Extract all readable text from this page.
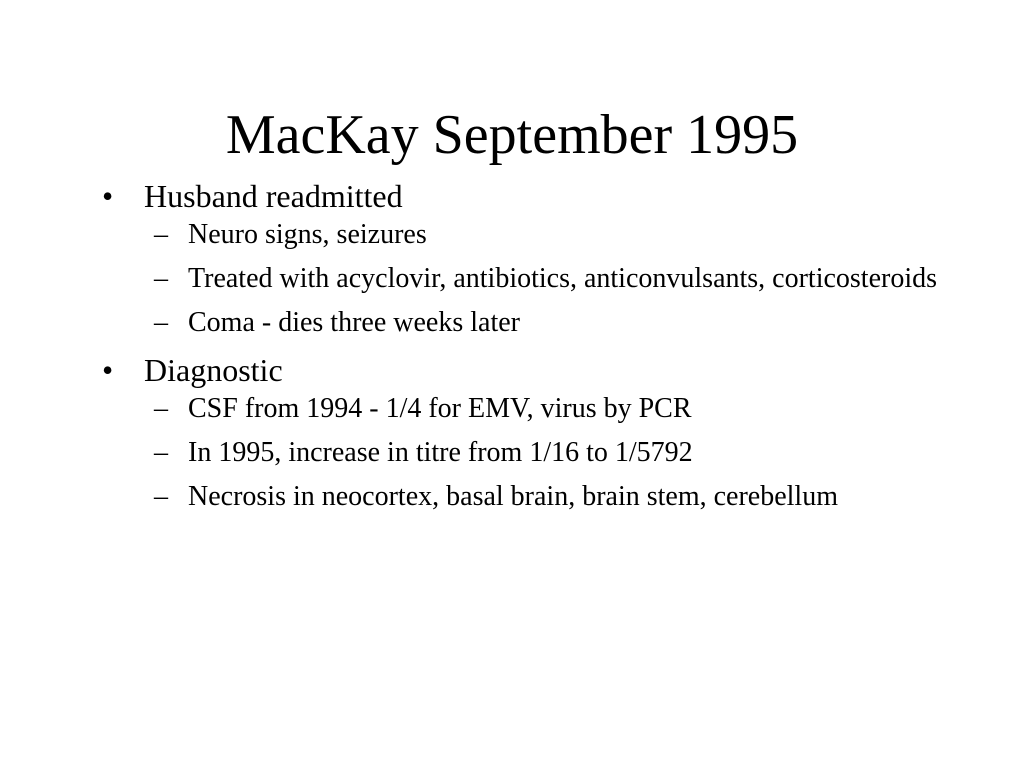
MacKay September 1995
• Husband readmitted
– Neuro signs, seizures
– Treated with acyclovir, antibiotics, anticonvulsants, corticosteroids
– Coma - dies three weeks later
• Diagnostic
– CSF from 1994 - 1/4 for EMV, virus by PCR
– In 1995, increase in titre from 1/16 to 1/5792
– Necrosis in neocortex, basal brain, brain stem, cerebellum
